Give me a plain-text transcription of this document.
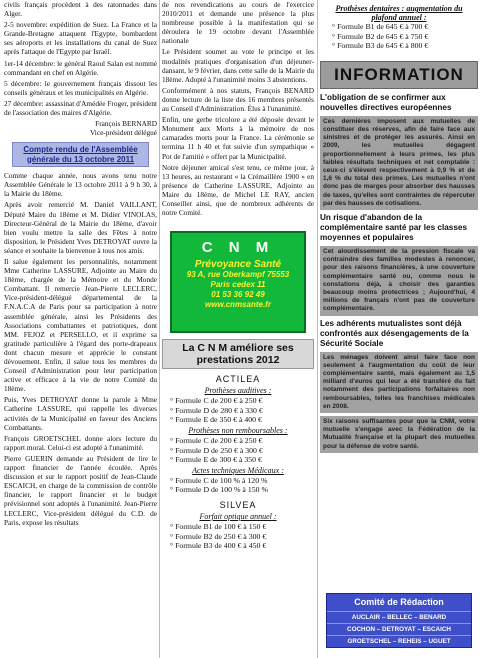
civils français procèdent à des ratonnades dans Alger.

2-5 novembre: expédition de Suez. La France et la Grande-Bretagne attaquent l'Egypte, bombardent ses aéroports et les installations du canal de Suez après l'attaque de l'Egypte par Israël.

1er-14 décembre: le général Raoul Salan est nommé commandant en chef en Algérie.

5 décembre: le gouvernement français dissout les conseils généraux et les municipalités en Algérie.

27 décembre: assassinat d'Amédée Froger, président de l'association des maires d'Algérie.

François BERNARD

Vice-président délégué

Compte rendu de l'Assemblée générale du 13 octobre 2011

Comme chaque année, nous avons tenu notre Assemblée Générale le 13 octobre 2011 à 9 h 30, à la Mairie du 18ème.

Après avoir remercié M. Daniel VAILLANT, Député Maire du 18ème et M. Didier VINOLAS, Directeur-Général de la Mairie du 18ème, d'avoir bien voulu mettre la salle des Fêtes à notre disposition, le Président Yves DETROYAT ouvre la séance et souhaite la bienvenue à tous nos amis.

Il salue également les personnalités, notamment Mme Catherine LASSURE, Adjointe au Maire du 18ème, chargée de la Mémoire et du Monde Combattant. Il remercie Jean-Pierre LECLERC, Vice-président-délégué départemental de la F.N.A.C.A de Paris pour sa participation à notre assemblée générale, ainsi les Présidents des Associations combattantes et patriotiques, dont MM. FEJOZ et PERSELLO, et il exprime sa gratitude particulière à l'égard des porte-drapeaux dont chacun mesure et apprécie le constant dévouement. Enfin, il salue tous les membres du Conseil d'Administration pour leur participation active et efficace à la vie de notre Comité du 18ème.

Puis, Yves DETROYAT donne la parole à Mme Catherine LASSURE, qui rappelle les diverses activités de la Municipalité en faveur des Anciens Combattants.

François GROETSCHEL donne alors lecture du rapport moral. Celui-ci est adopté à l'unanimité.

Pierre GUERIN demande au Président de lire le rapport financier de l'année écoulée. Après discussion et sur le rapport positif de Jean-Claude ESCAICH, en charge de la commission de contrôle financier, le rapport financier et le budget prévisionnel sont adoptés à l'unanimité. Jean-Pierre LECLERC, Vice-président délégué du C.D. de Paris, expose les résultats

de nos revendications au cours de l'exercice 2010/2011 et demande une présence la plus nombreuse possible à la manifestation qui se déroulera le 19 octobre devant l'Assemblée nationale

Le Président soumet au vote le principe et les modalités pratiques d'organisation d'un déjeuner-dansant, le 9 février, dans cette salle de la Mairie du 18ème. Adopté à l'unanimité moins 3 abstentions.

Conformément à nos statuts, François BENARD donne lecture de la liste des 16 membres présentés au Conseil d'Administration. Élus à l'unanimité.

Enfin, une gerbe tricolore a été déposée devant le Monument aux Morts à la mémoire de nos camarades morts pour la France. La cérémonie se termina 11 h 40 et fut suivie d'un sympathique « Pot de l'amitié » offert par la Municipalité.

Notre déjeuner amical s'est tenu, ce même jour, à 13 heures, au restaurant « la Crémaillère 1900 » en présence de Catherine LASSURE, Adjointe au Maire du 18ème, de Michel LE RAY, ancien Conseiller ainsi, que de nombreux adhérents de notre Comité.

C N M
Prévoyance Santé
93 A, rue Oberkampf 75553
Paris cedex 11
01 53 36 92 49
www.cnmsante.fr
La C N M améliore ses prestations 2012
ACTILEA
Prothèses auditives :

° Formule C de 200 € à 250 €

° Formule D de 280 € à 330 €

° Formule E de 350 € à 400 €

Prothèses non remboursables :

° Formule C de 200 € à 250 €

° Formule D de 250 € à 300 €

° Formule E de 300 € à 350 €

Actes techniques Médicaux :

° Formule C de 100 % à 120 %

° Formule D de 100 % à 150 %

SILVEA
Forfait optique annuel :

° Formule B1 de 100 € à 150 €

° Formule B2 de 250 € à 300 €

° Formule B3 de 400 € à 450 €

Prothèses dentaires : augmentation du plafond annuel :

° Formule B1 de 645 € à 700 €

° Formule B2 de 645 € à 750 €

° Formule B3 de 645 € à 800 €

INFORMATION
L'obligation de se confirmer aux nouvelles directives européennes
Ces dernières imposent aux mutuelles de constituer des réserves, afin de faire face aux sinistres et de protéger les assurés. Ainsi en 2009, les mutuelles dégagent proportionnellement à leurs primes, les plus faibles résultats techniques et net comptable : ceux-ci s'élèvent respectivement à 0,9 % et de 1,6 % du total des primes. Les mutuelles n'ont donc pas de marges pour absorber des hausses de taxes, qu'elles sont contraintes de répercuter par des hausses de cotisations.
Un risque d'abandon de la complémentaire santé par les classes moyennes et populaires
Cet alourdissement de la pression fiscale va contraindre des familles modestes à renoncer, pour des raisons financières, à une couverture complémentaire santé ou, comme nous le constations déjà, à choisir des garanties beaucoup moins protectrices ; Aujourd'hui, 4 millions de français n'ont pas de couverture complémentaire.
Les adhérents mutualistes sont déjà confrontés aux désengagements de la Sécurité Sociale
Les ménages doivent ainsi faire face non seulement à l'augmentation du coût de leur complémentaire santé, mais également au 1,5 milliard d'euros qui leur a été transféré du fait notamment des participations forfaitaires non remboursables, telles les franchises médicales en 2008.
Six raisons suffisantes pour que la CNM, votre mutuelle s'engage avec la Fédération de la Mutualité française et la plupart des mutuelles pour la défense de votre santé.
Comité de Rédaction
AUCLAIR – BELLEC – BENARD
COCHON – DETROYAT – ESCAICH
GROETSCHEL – REHEIS – UGUET
